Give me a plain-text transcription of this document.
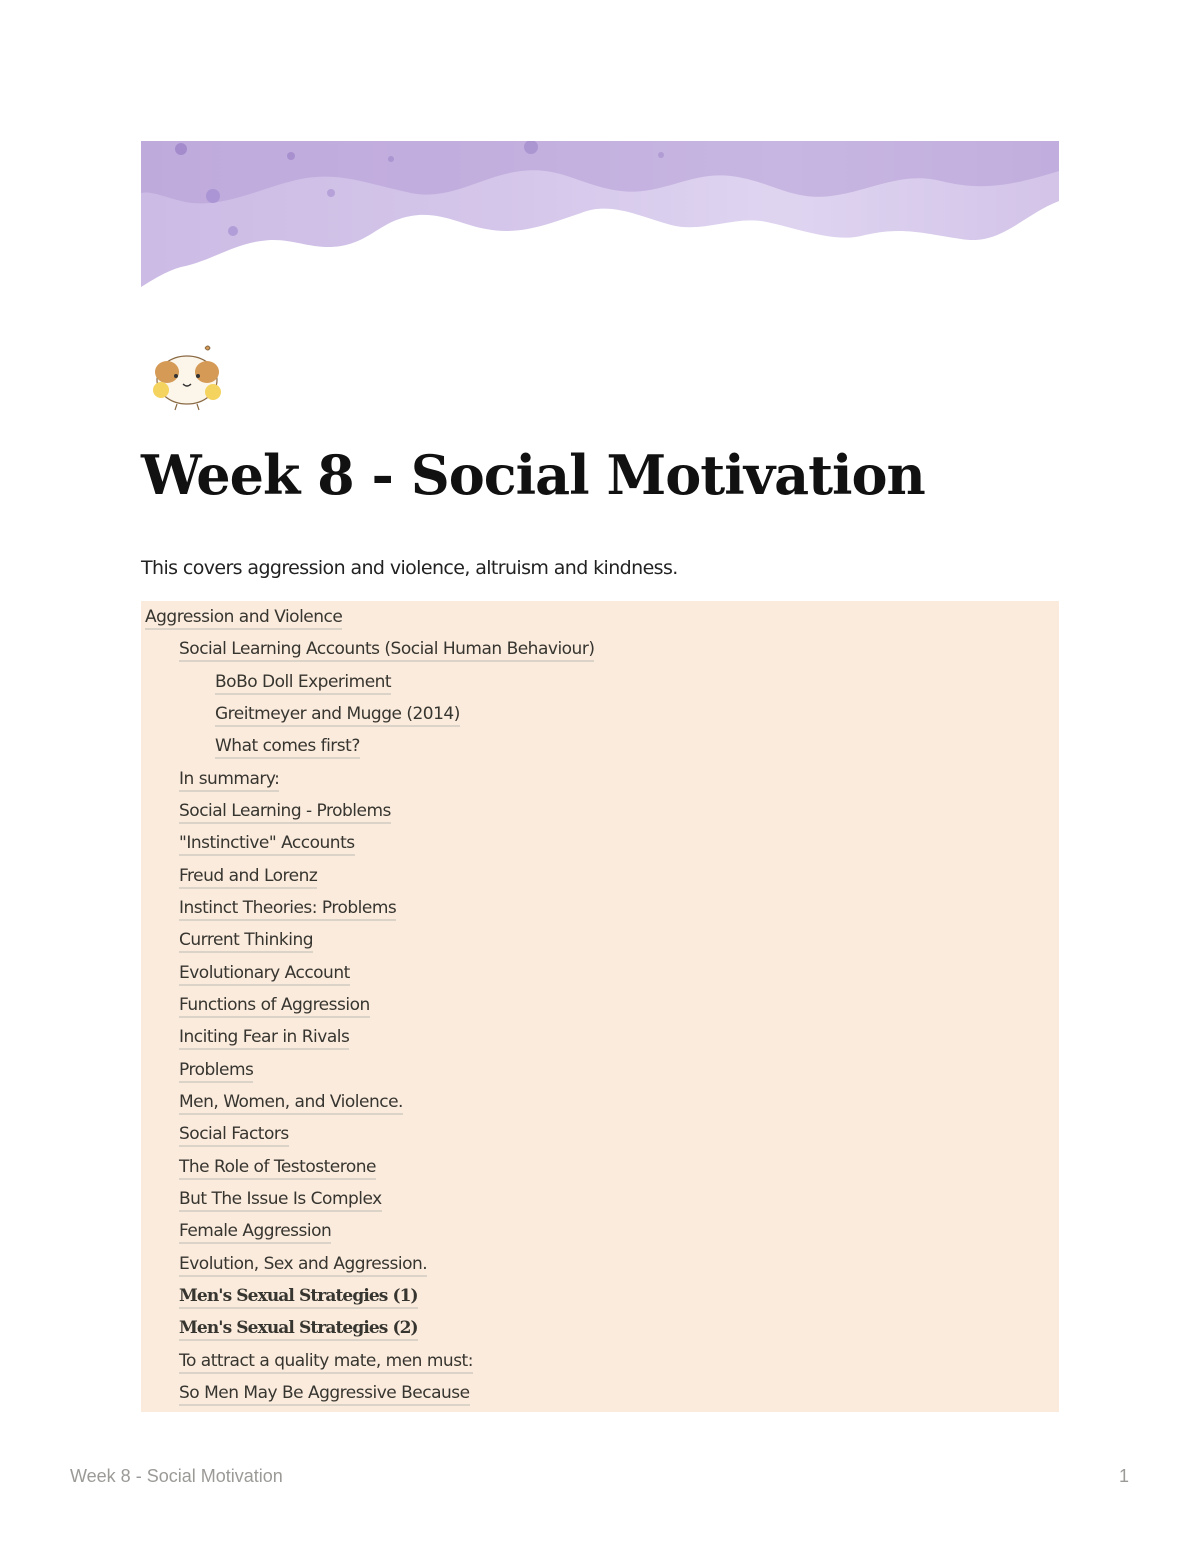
Week 8 - Social Motivation
This covers aggression and violence, altruism and kindness.
Aggression and Violence
Social Learning Accounts (Social Human Behaviour)
BoBo Doll Experiment
Greitmeyer and Mugge (2014)
What comes first?
In summary:
Social Learning - Problems
"Instinctive" Accounts
Freud and Lorenz
Instinct Theories: Problems
Current Thinking
Evolutionary Account
Functions of Aggression
Inciting Fear in Rivals
Problems
Men, Women, and Violence.
Social Factors
The Role of Testosterone
But The Issue Is Complex
Female Aggression
Evolution, Sex and Aggression.
Men's Sexual Strategies (1)
Men's Sexual Strategies (2)
To attract a quality mate, men must:
So Men May Be Aggressive Because
Week 8 - Social Motivation	1
